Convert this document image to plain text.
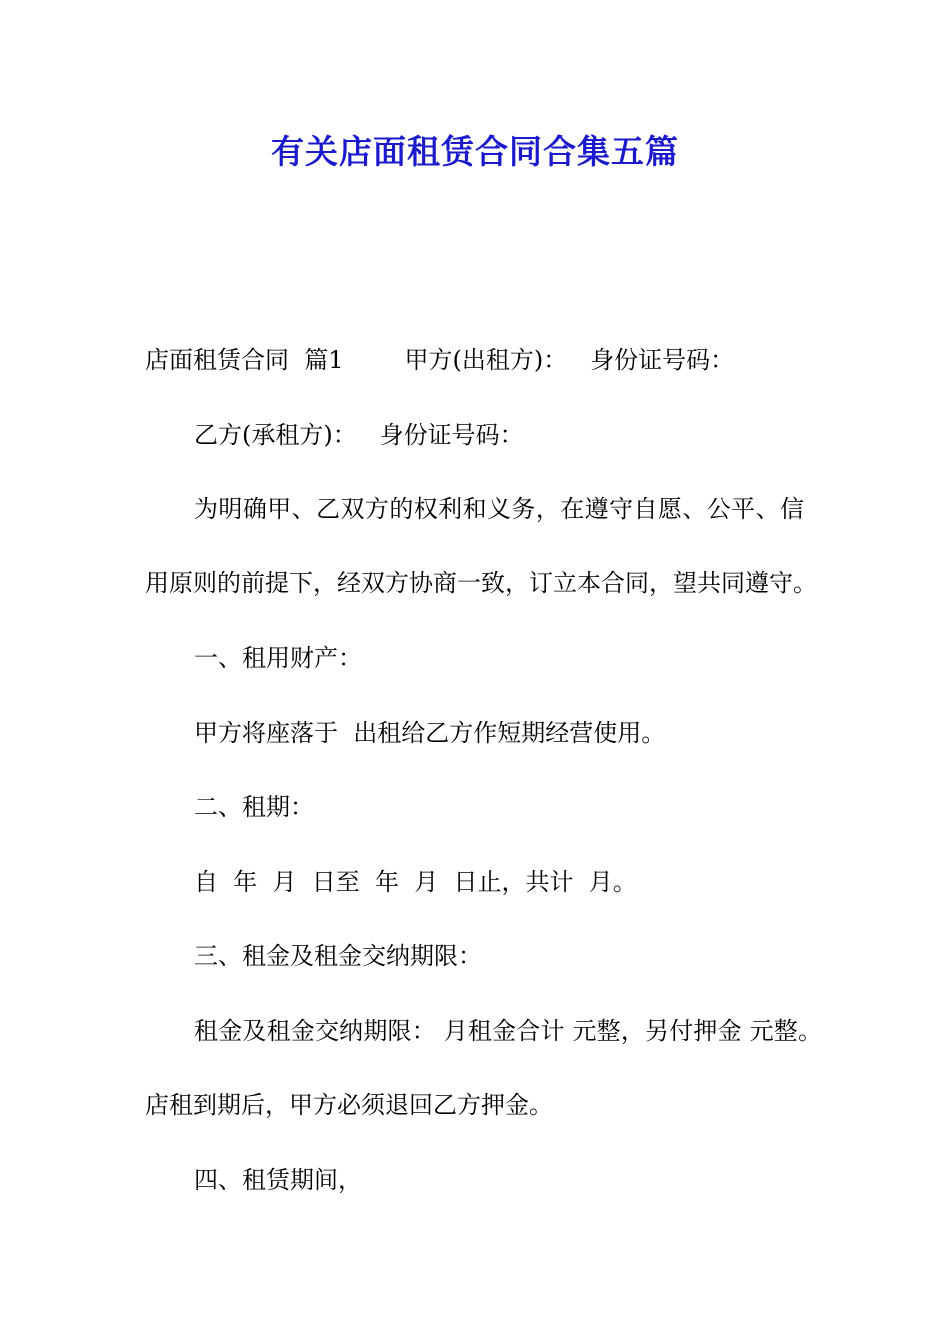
有关店面租赁合同合集五篇
店面租赁合同  篇1        甲方(出租方)：   身份证号码：
乙方(承租方)：   身份证号码：
为明确甲、乙双方的权利和义务，在遵守自愿、公平、信
用原则的前提下，经双方协商一致，订立本合同，望共同遵守。
一、租用财产：
甲方将座落于  出租给乙方作短期经营使用。
二、租期：
自  年  月  日至  年  月  日止，共计  月。
三、租金及租金交纳期限：
租金及租金交纳期限： 月租金合计 元整，另付押金 元整。
店租到期后，甲方必须退回乙方押金。
四、租赁期间，
